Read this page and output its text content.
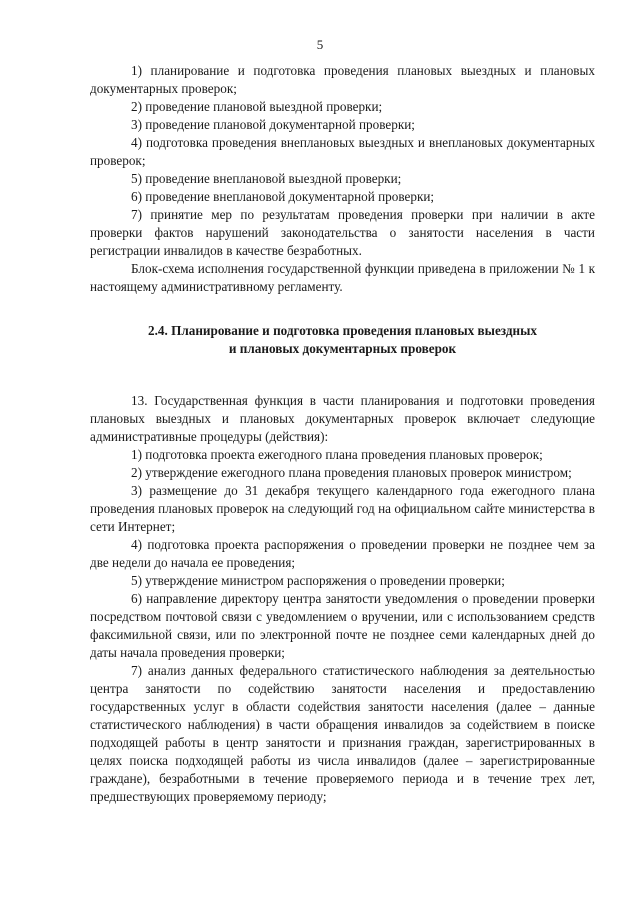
5

1) планирование и подготовка проведения плановых выездных и плановых документарных проверок;

2) проведение плановой выездной проверки;

3) проведение плановой документарной проверки;

4) подготовка проведения внеплановых выездных и внеплановых документарных проверок;

5) проведение внеплановой выездной проверки;

6) проведение внеплановой документарной проверки;

7) принятие мер по результатам проведения проверки при наличии в акте проверки фактов нарушений законодательства о занятости населения в части регистрации инвалидов в качестве безработных.

Блок-схема исполнения государственной функции приведена в приложении № 1 к настоящему административному регламенту.

2.4. Планирование и подготовка проведения плановых выездных
и плановых документарных проверок

13. Государственная функция в части планирования и подготовки проведения плановых выездных и плановых документарных проверок включает следующие административные процедуры (действия):

1) подготовка проекта ежегодного плана проведения плановых проверок;

2) утверждение ежегодного плана проведения плановых проверок министром;

3) размещение до 31 декабря текущего календарного года ежегодного плана проведения плановых проверок на следующий год на официальном сайте министерства в сети Интернет;

4) подготовка проекта распоряжения о проведении проверки не позднее чем за две недели до начала ее проведения;

5) утверждение министром распоряжения о проведении проверки;

6) направление директору центра занятости уведомления о проведении проверки посредством почтовой связи с уведомлением о вручении, или с использованием средств факсимильной связи, или по электронной почте не позднее семи календарных дней до даты начала проведения проверки;

7) анализ данных федерального статистического наблюдения за деятельностью центра занятости по содействию занятости населения и предоставлению государственных услуг в области содействия занятости населения (далее – данные статистического наблюдения) в части обращения инвалидов за содействием в поиске подходящей работы в центр занятости и признания граждан, зарегистрированных в целях поиска подходящей работы из числа инвалидов (далее – зарегистрированные граждане), безработными в течение проверяемого периода и в течение трех лет, предшествующих проверяемому периоду;
